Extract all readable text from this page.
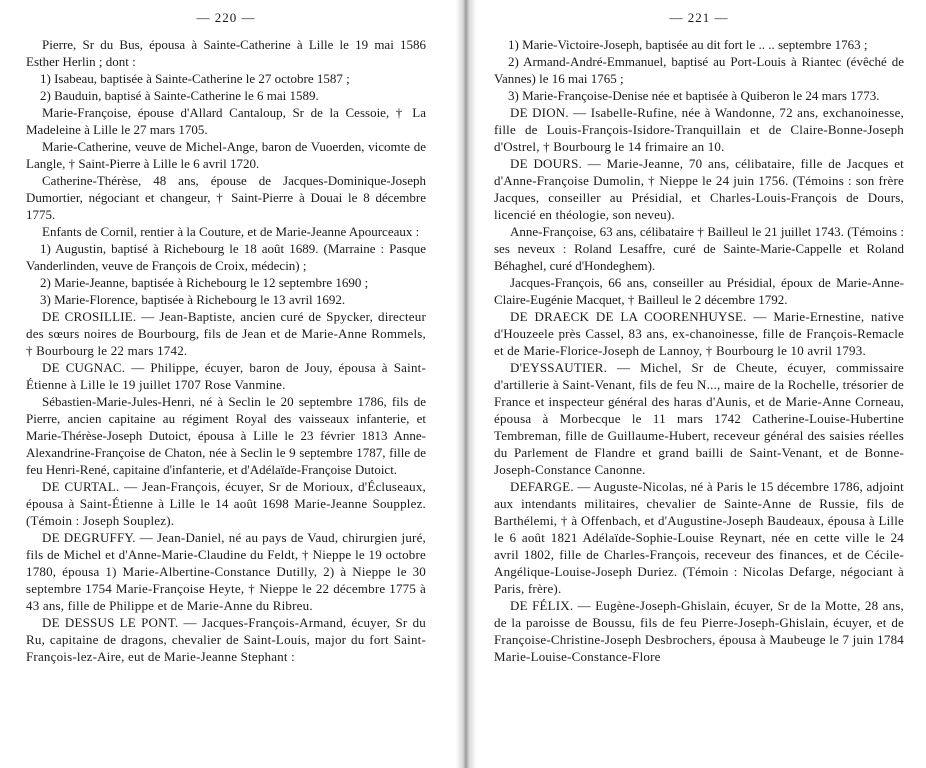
— 220 —

Pierre, Sr du Bus, épousa à Sainte-Catherine à Lille le 19 mai 1586 Esther Herlin ; dont :

1) Isabeau, baptisée à Sainte-Catherine le 27 octobre 1587 ;

2) Bauduin, baptisé à Sainte-Catherine le 6 mai 1589.

Marie-Françoise, épouse d'Allard Cantaloup, Sr de la Cessoie, † La Madeleine à Lille le 27 mars 1705.

Marie-Catherine, veuve de Michel-Ange, baron de Vuoerden, vicomte de Langle, † Saint-Pierre à Lille le 6 avril 1720.

Catherine-Thérèse, 48 ans, épouse de Jacques-Dominique-Joseph Dumortier, négociant et changeur, † Saint-Pierre à Douai le 8 décembre 1775.

Enfants de Cornil, rentier à la Couture, et de Marie-Jeanne Apourceaux :

1) Augustin, baptisé à Richebourg le 18 août 1689. (Marraine : Pasque Vanderlinden, veuve de François de Croix, médecin) ;

2) Marie-Jeanne, baptisée à Richebourg le 12 septembre 1690 ;

3) Marie-Florence, baptisée à Richebourg le 13 avril 1692.

DE CROSILLIE. — Jean-Baptiste, ancien curé de Spycker, directeur des sœurs noires de Bourbourg, fils de Jean et de Marie-Anne Rommels, † Bourbourg le 22 mars 1742.

DE CUGNAC. — Philippe, écuyer, baron de Jouy, épousa à Saint-Étienne à Lille le 19 juillet 1707 Rose Vanmine.

Sébastien-Marie-Jules-Henri, né à Seclin le 20 septembre 1786, fils de Pierre, ancien capitaine au régiment Royal des vaisseaux infanterie, et Marie-Thérèse-Joseph Dutoict, épousa à Lille le 23 février 1813 Anne-Alexandrine-Françoise de Chaton, née à Seclin le 9 septembre 1787, fille de feu Henri-René, capitaine d'infanterie, et d'Adélaïde-Françoise Dutoict.

DE CURTAL. — Jean-François, écuyer, Sr de Morioux, d'Écluseaux, épousa à Saint-Étienne à Lille le 14 août 1698 Marie-Jeanne Soupplez. (Témoin : Joseph Souplez).

DE DEGRUFFY. — Jean-Daniel, né au pays de Vaud, chirurgien juré, fils de Michel et d'Anne-Marie-Claudine du Feldt, † Nieppe le 19 octobre 1780, épousa 1) Marie-Albertine-Constance Dutilly, 2) à Nieppe le 30 septembre 1754 Marie-Françoise Heyte, † Nieppe le 22 décembre 1775 à 43 ans, fille de Philippe et de Marie-Anne du Ribreu.

DE DESSUS LE PONT. — Jacques-François-Armand, écuyer, Sr du Ru, capitaine de dragons, chevalier de Saint-Louis, major du fort Saint-François-lez-Aire, eut de Marie-Jeanne Stephant :

— 221 —

1) Marie-Victoire-Joseph, baptisée au dit fort le .. .. septembre 1763 ;

2) Armand-André-Emmanuel, baptisé au Port-Louis à Riantec (évêché de Vannes) le 16 mai 1765 ;

3) Marie-Françoise-Denise née et baptisée à Quiberon le 24 mars 1773.

DE DION. — Isabelle-Rufine, née à Wandonne, 72 ans, exchanoinesse, fille de Louis-François-Isidore-Tranquillain et de Claire-Bonne-Joseph d'Ostrel, † Bourbourg le 14 frimaire an 10.

DE DOURS. — Marie-Jeanne, 70 ans, célibataire, fille de Jacques et d'Anne-Françoise Dumolin, † Nieppe le 24 juin 1756. (Témoins : son frère Jacques, conseiller au Présidial, et Charles-Louis-François de Dours, licencié en théologie, son neveu).

Anne-Françoise, 63 ans, célibataire † Bailleul le 21 juillet 1743. (Témoins : ses neveux : Roland Lesaffre, curé de Sainte-Marie-Cappelle et Roland Béhaghel, curé d'Hondeghem).

Jacques-François, 66 ans, conseiller au Présidial, époux de Marie-Anne-Claire-Eugénie Macquet, † Bailleul le 2 décembre 1792.

DE DRAECK DE LA COORENHUYSE. — Marie-Ernestine, native d'Houzeele près Cassel, 83 ans, ex-chanoinesse, fille de François-Remacle et de Marie-Florice-Joseph de Lannoy, † Bourbourg le 10 avril 1793.

D'EYSSAUTIER. — Michel, Sr de Cheute, écuyer, commissaire d'artillerie à Saint-Venant, fils de feu N..., maire de la Rochelle, trésorier de France et inspecteur général des haras d'Aunis, et de Marie-Anne Corneau, épousa à Morbecque le 11 mars 1742 Catherine-Louise-Hubertine Tembreman, fille de Guillaume-Hubert, receveur général des saisies réelles du Parlement de Flandre et grand bailli de Saint-Venant, et de Bonne-Joseph-Constance Canonne.

DEFARGE. — Auguste-Nicolas, né à Paris le 15 décembre 1786, adjoint aux intendants militaires, chevalier de Sainte-Anne de Russie, fils de Barthélemi, † à Offenbach, et d'Augustine-Joseph Baudeaux, épousa à Lille le 6 août 1821 Adélaïde-Sophie-Louise Reynart, née en cette ville le 24 avril 1802, fille de Charles-François, receveur des finances, et de Cécile-Angélique-Louise-Joseph Duriez. (Témoin : Nicolas Defarge, négociant à Paris, frère).

DE FÉLIX. — Eugène-Joseph-Ghislain, écuyer, Sr de la Motte, 28 ans, de la paroisse de Boussu, fils de feu Pierre-Joseph-Ghislain, écuyer, et de Françoise-Christine-Joseph Desbrochers, épousa à Maubeuge le 7 juin 1784 Marie-Louise-Constance-Flore
